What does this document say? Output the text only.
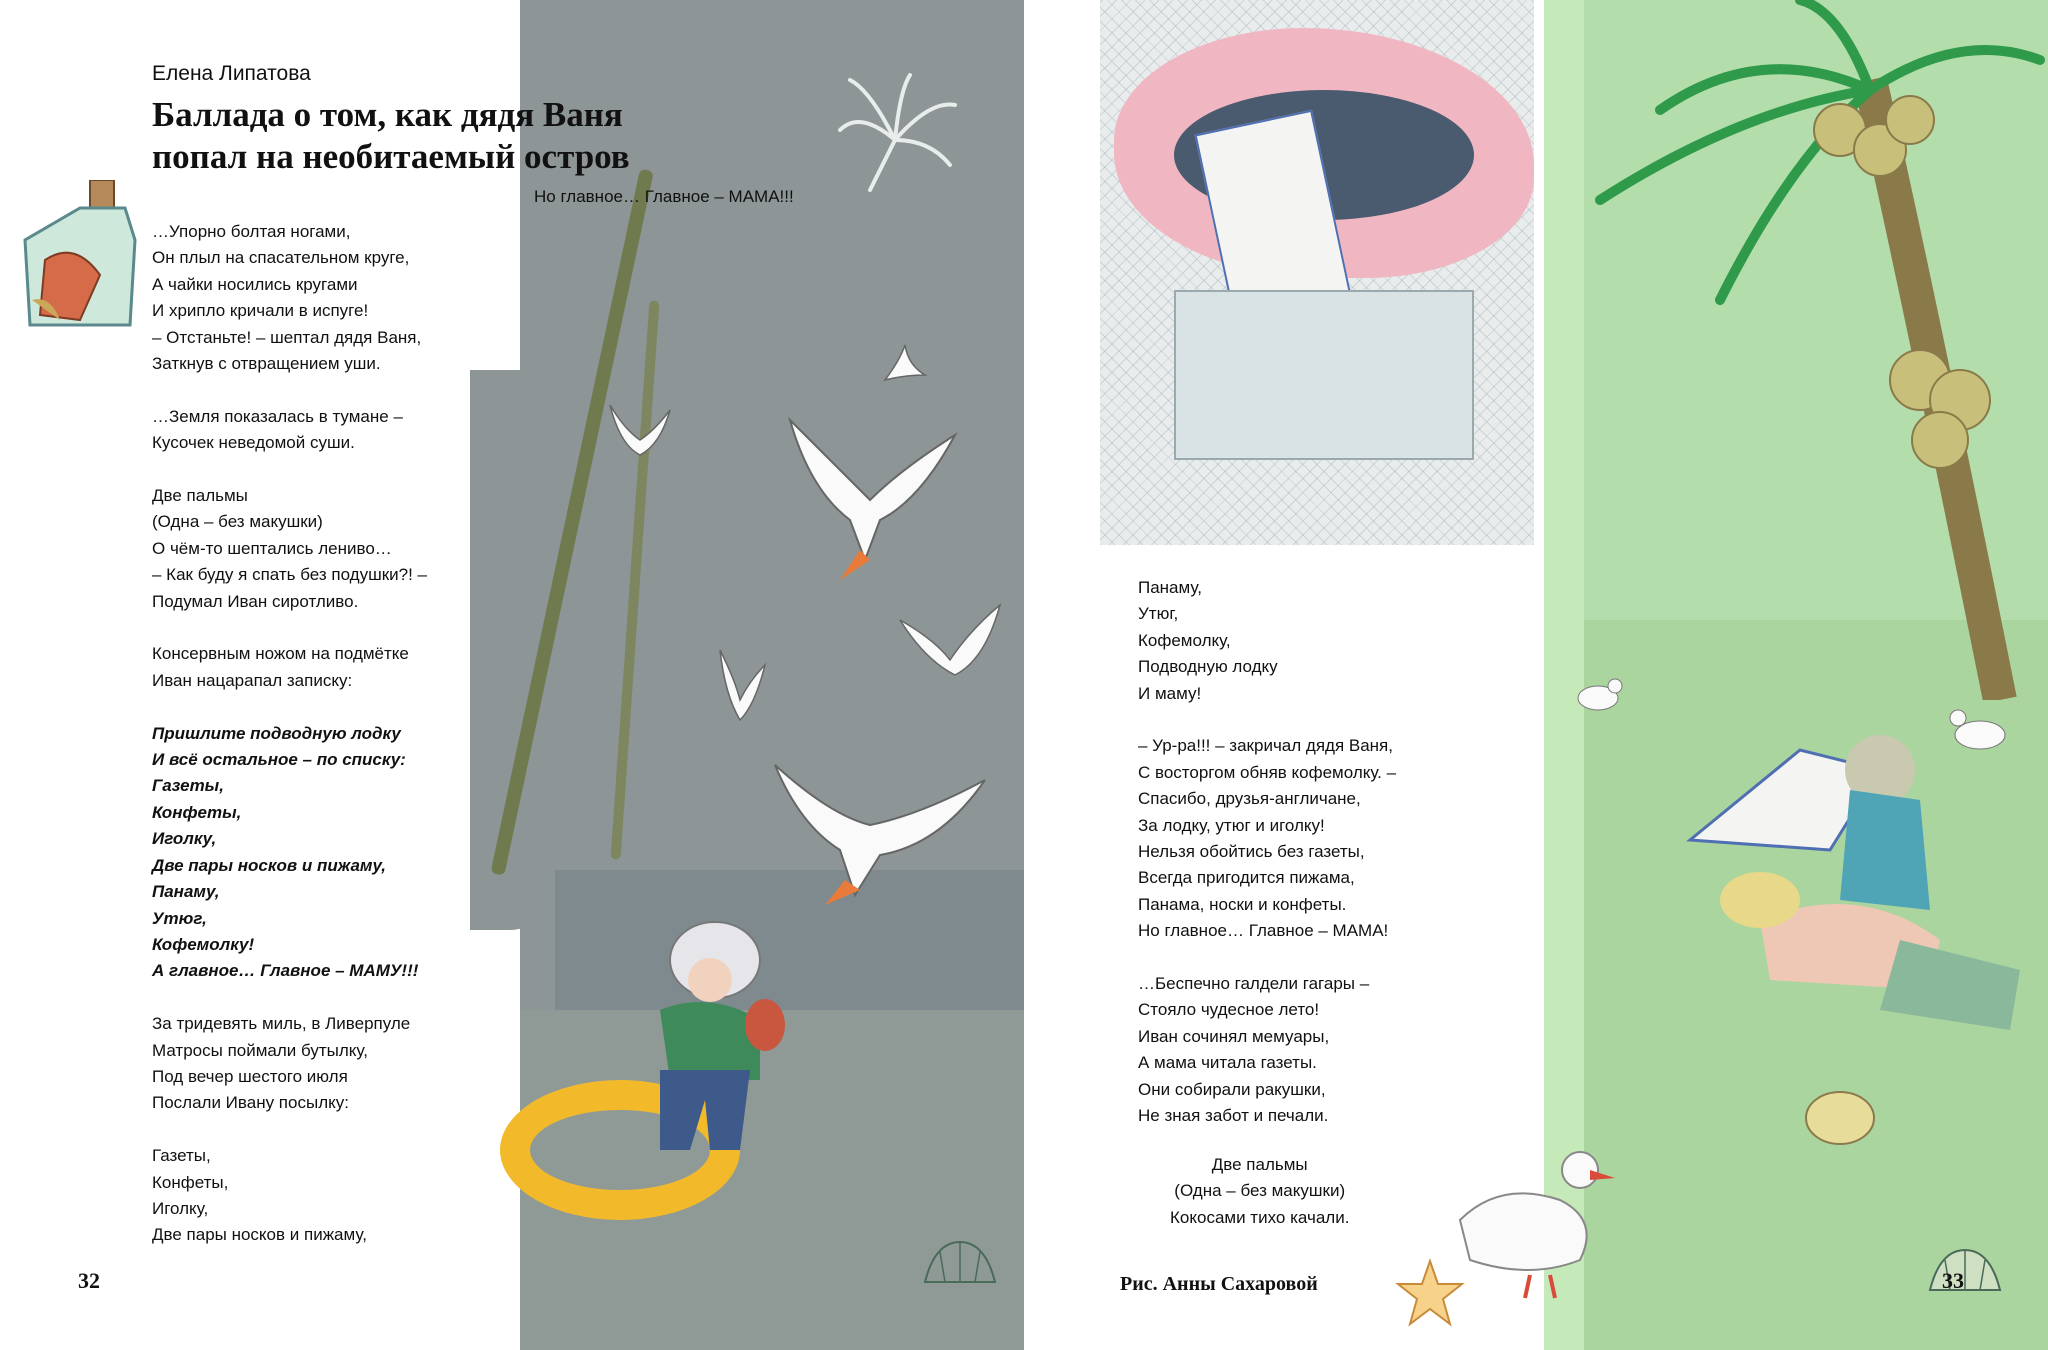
Елена Липатова
Баллада о том, как дядя Ваня
попал на необитаемый остров
Но главное… Главное – МАМА!!!
…Упорно болтая ногами,
Он плыл на спасательном круге,
А чайки носились кругами
И хрипло кричали в испуге!
– Отстаньте! – шептал дядя Ваня,
Заткнув с отвращением уши.
…Земля показалась в тумане –
Кусочек неведомой суши.
Две пальмы
(Одна – без макушки)
О чём-то шептались лениво…
– Как буду я спать без подушки?! –
Подумал Иван сиротливо.
Консервным ножом на подмётке
Иван нацарапал записку:
Пришлите подводную лодку
И всё остальное – по списку:
Газеты,
Конфеты,
Иголку,
Две пары носков и пижаму,
Панаму,
Утюг,
Кофемолку!
А главное… Главное – МАМУ!!!
За тридевять миль, в Ливерпуле
Матросы поймали бутылку,
Под вечер шестого июля
Послали Ивану посылку:
Газеты,
Конфеты,
Иголку,
Две пары носков и пижаму,
32
Панаму,
Утюг,
Кофемолку,
Подводную лодку
И маму!
– Ур-ра!!! – закричал дядя Ваня,
С восторгом обняв кофемолку. –
Спасибо, друзья-англичане,
За лодку, утюг и иголку!
Нельзя обойтись без газеты,
Всегда пригодится пижама,
Панама, носки и конфеты.
Но главное… Главное – МАМА!
…Беспечно галдели гагары –
Стояло чудесное лето!
Иван сочинял мемуары,
А мама читала газеты.
Они собирали ракушки,
Не зная забот и печали.
Две пальмы
(Одна – без макушки)
Кокосами тихо качали.
Рис. Анны Сахаровой	33
